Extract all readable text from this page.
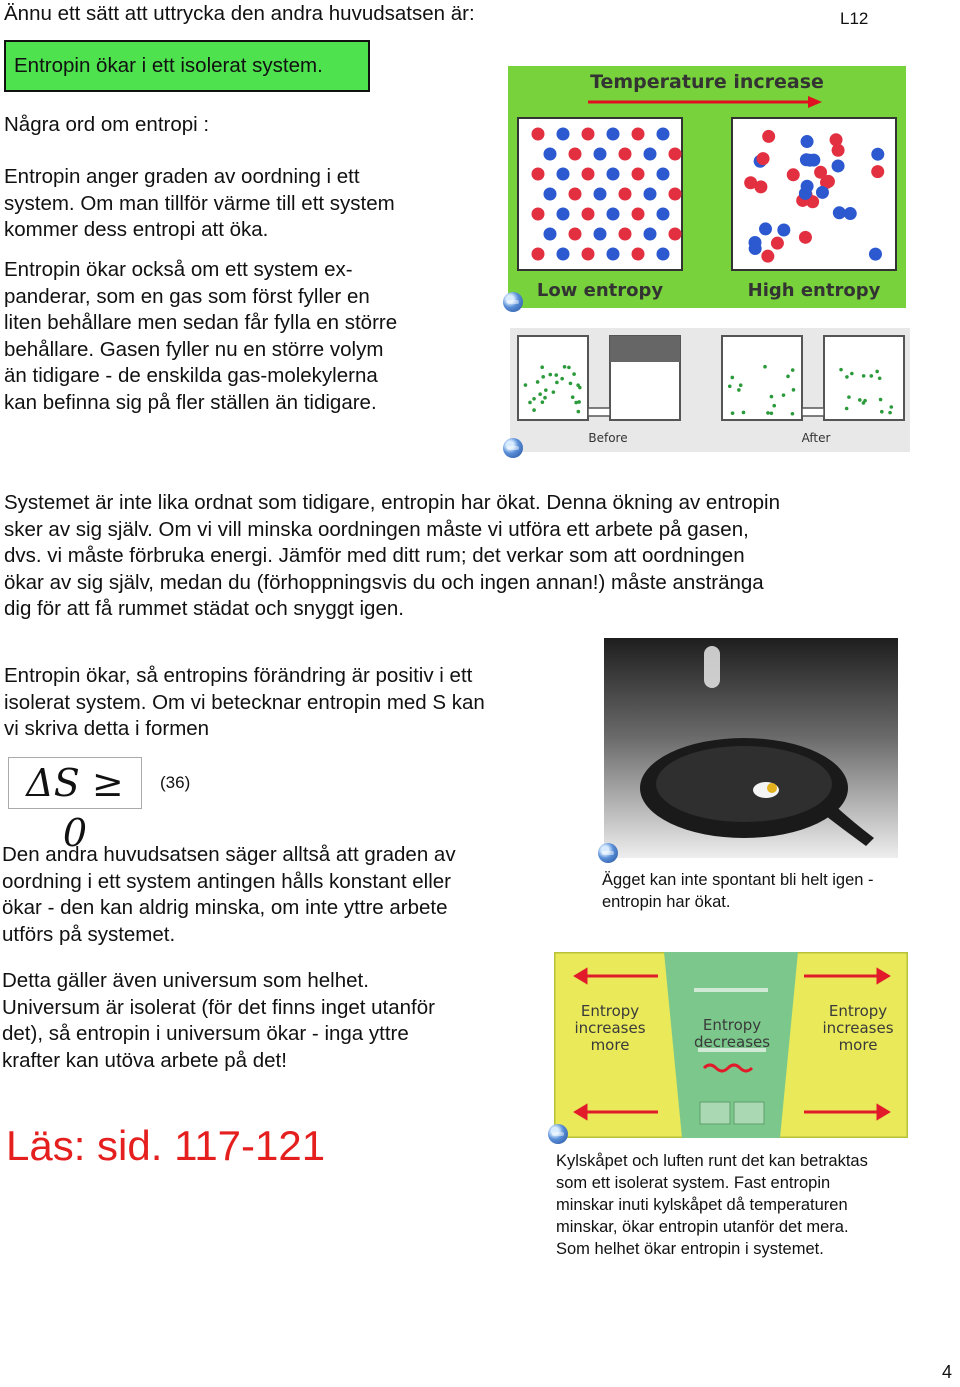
Ännu ett sätt att uttrycka den andra huvudsatsen är:	L12
Entropin ökar i ett isolerat system.
Några ord om entropi :
Entropin anger graden av oordning i ett
system. Om man tillför värme till ett system
kommer dess entropi att öka.
Entropin ökar också om ett system ex-
panderar, som en gas som först fyller en
liten behållare men sedan får fylla en större
behållare. Gasen fyller nu en större volym
än tidigare - de enskilda gas-molekylerna
kan befinna sig på fler ställen än tidigare.
Temperature increase
Low entropy	High entropy
Before	After
Systemet är inte lika ordnat som tidigare, entropin har ökat. Denna ökning av entropin
sker av sig själv. Om vi vill minska oordningen måste vi utföra ett arbete på gasen,
dvs. vi måste förbruka energi. Jämför med ditt rum; det verkar som att oordningen
ökar av sig själv, medan du (förhoppningsvis du och ingen annan!) måste anstränga
dig för att få rummet städat och snyggt igen.
Entropin ökar, så entropins förändring är positiv i ett
isolerat system. Om vi betecknar entropin med S kan
vi skriva detta i formen
ΔS ≥ 0
(36)
Ägget kan inte spontant bli helt igen -
entropin har ökat.
Den andra huvudsatsen säger alltså att graden av
oordning i ett system antingen hålls konstant eller
ökar - den kan aldrig minska, om inte yttre arbete
utförs på systemet.
Detta gäller även universum som helhet.
Universum är isolerat (för det finns inget utanför
det), så entropin i universum ökar - inga yttre
krafter kan utöva arbete på det!
Läs: sid. 117-121
Entropy
increases
more
Entropy
decreases
Entropy
increases
more
Kylskåpet och luften runt det kan betraktas
som ett isolerat system. Fast entropin
minskar inuti kylskåpet då temperaturen
minskar, ökar entropin utanför det mera.
Som helhet ökar entropin i systemet.
4
